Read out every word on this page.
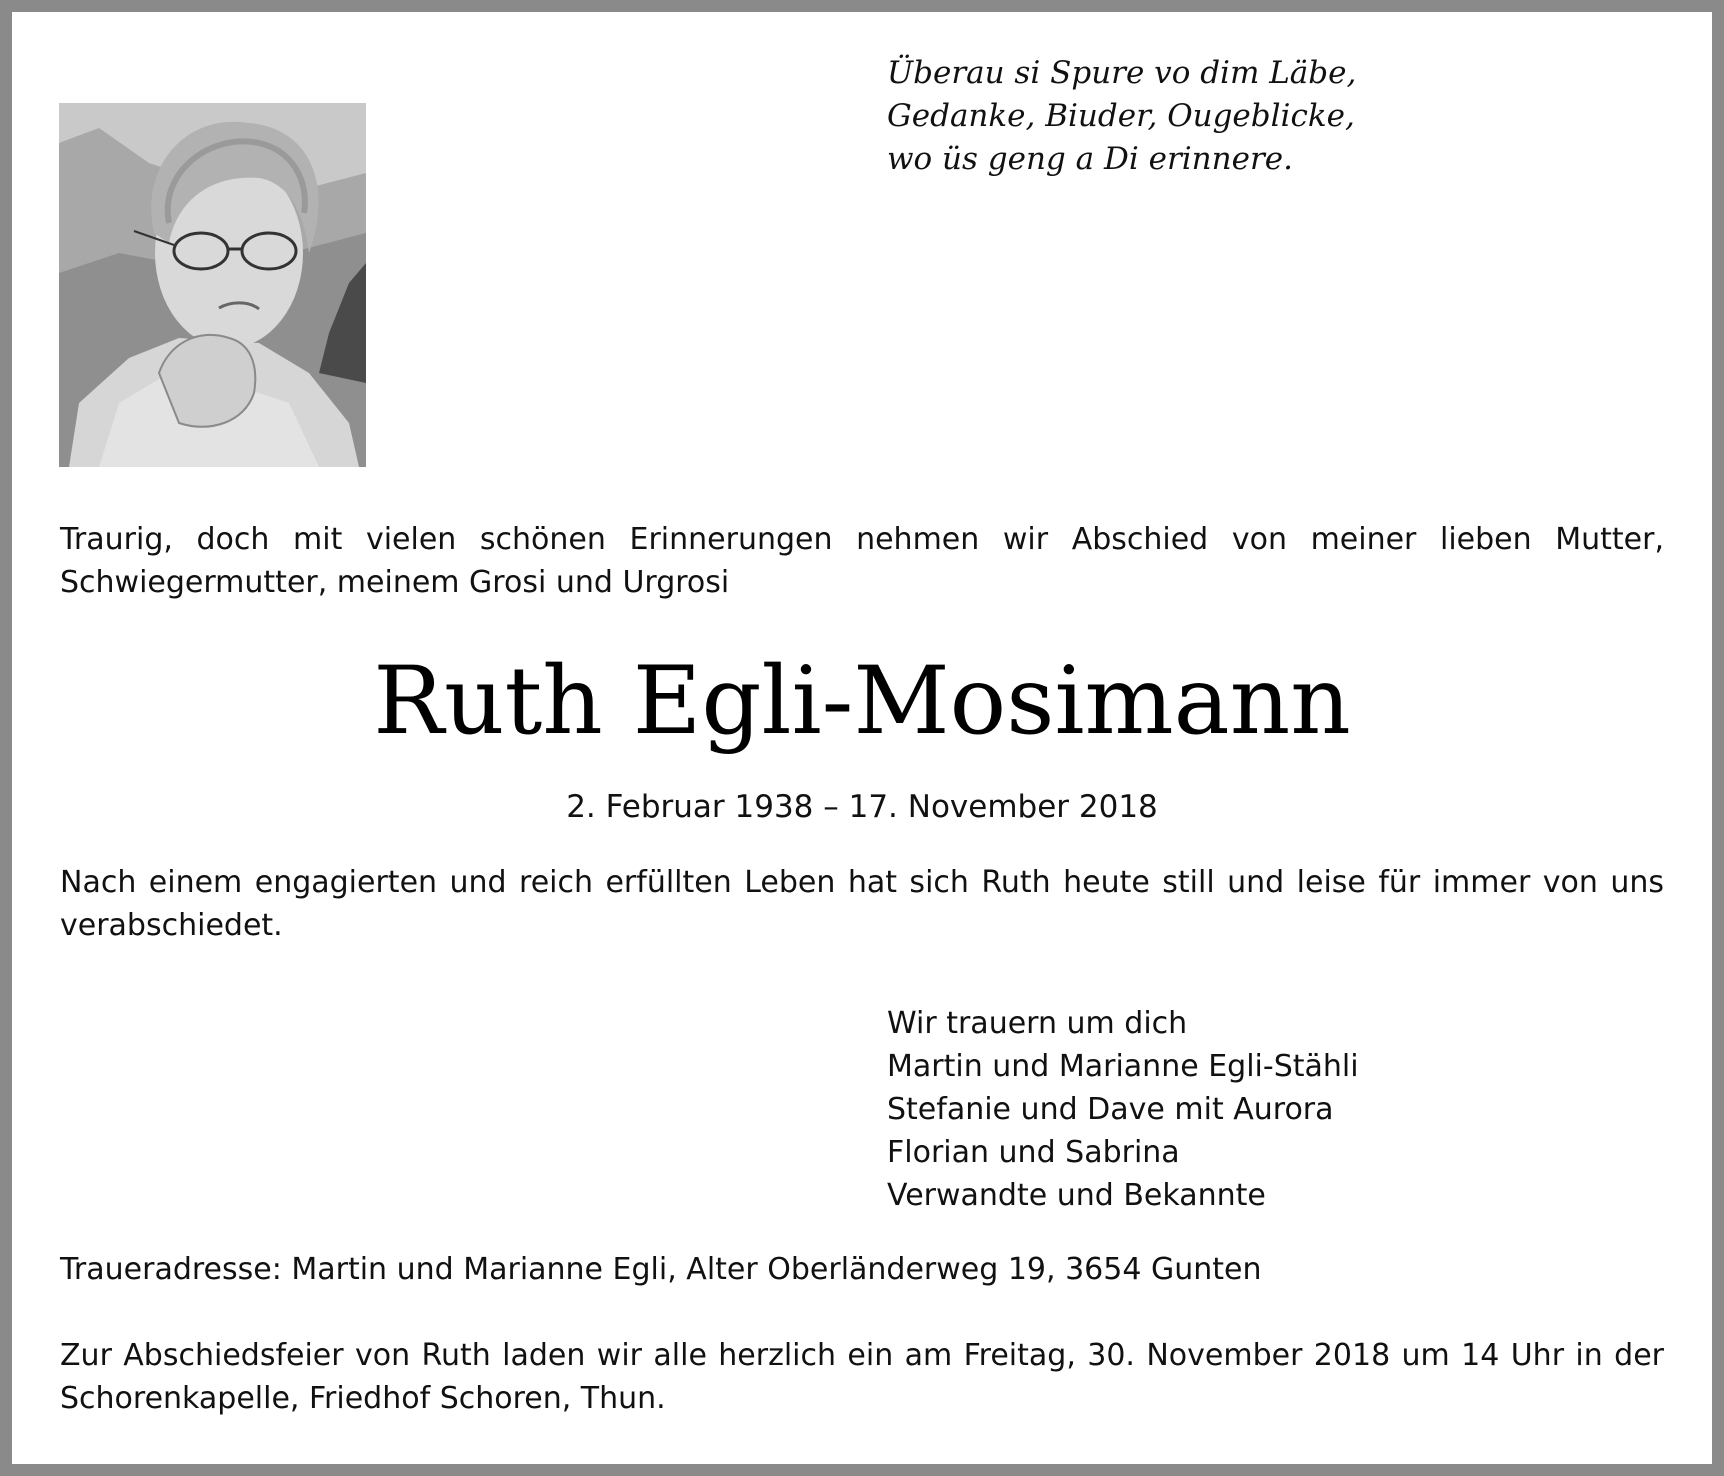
Überau si Spure vo dim Läbe,
Gedanke, Biuder, Ougeblicke,
wo üs geng a Di erinnere.
Traurig, doch mit vielen schönen Erinnerungen nehmen wir Abschied von meiner lieben Mutter, Schwiegermutter, meinem Grosi und Urgrosi
Ruth Egli-Mosimann
2. Februar 1938 – 17. November 2018
Nach einem engagierten und reich erfüllten Leben hat sich Ruth heute still und leise für immer von uns verabschiedet.
Wir trauern um dich
Martin und Marianne Egli-Stähli
Stefanie und Dave mit Aurora
Florian und Sabrina
Verwandte und Bekannte
Traueradresse: Martin und Marianne Egli, Alter Oberländerweg 19, 3654 Gunten
Zur Abschiedsfeier von Ruth laden wir alle herzlich ein am Freitag, 30. November 2018 um 14 Uhr in der Schorenkapelle, Friedhof Schoren, Thun.
